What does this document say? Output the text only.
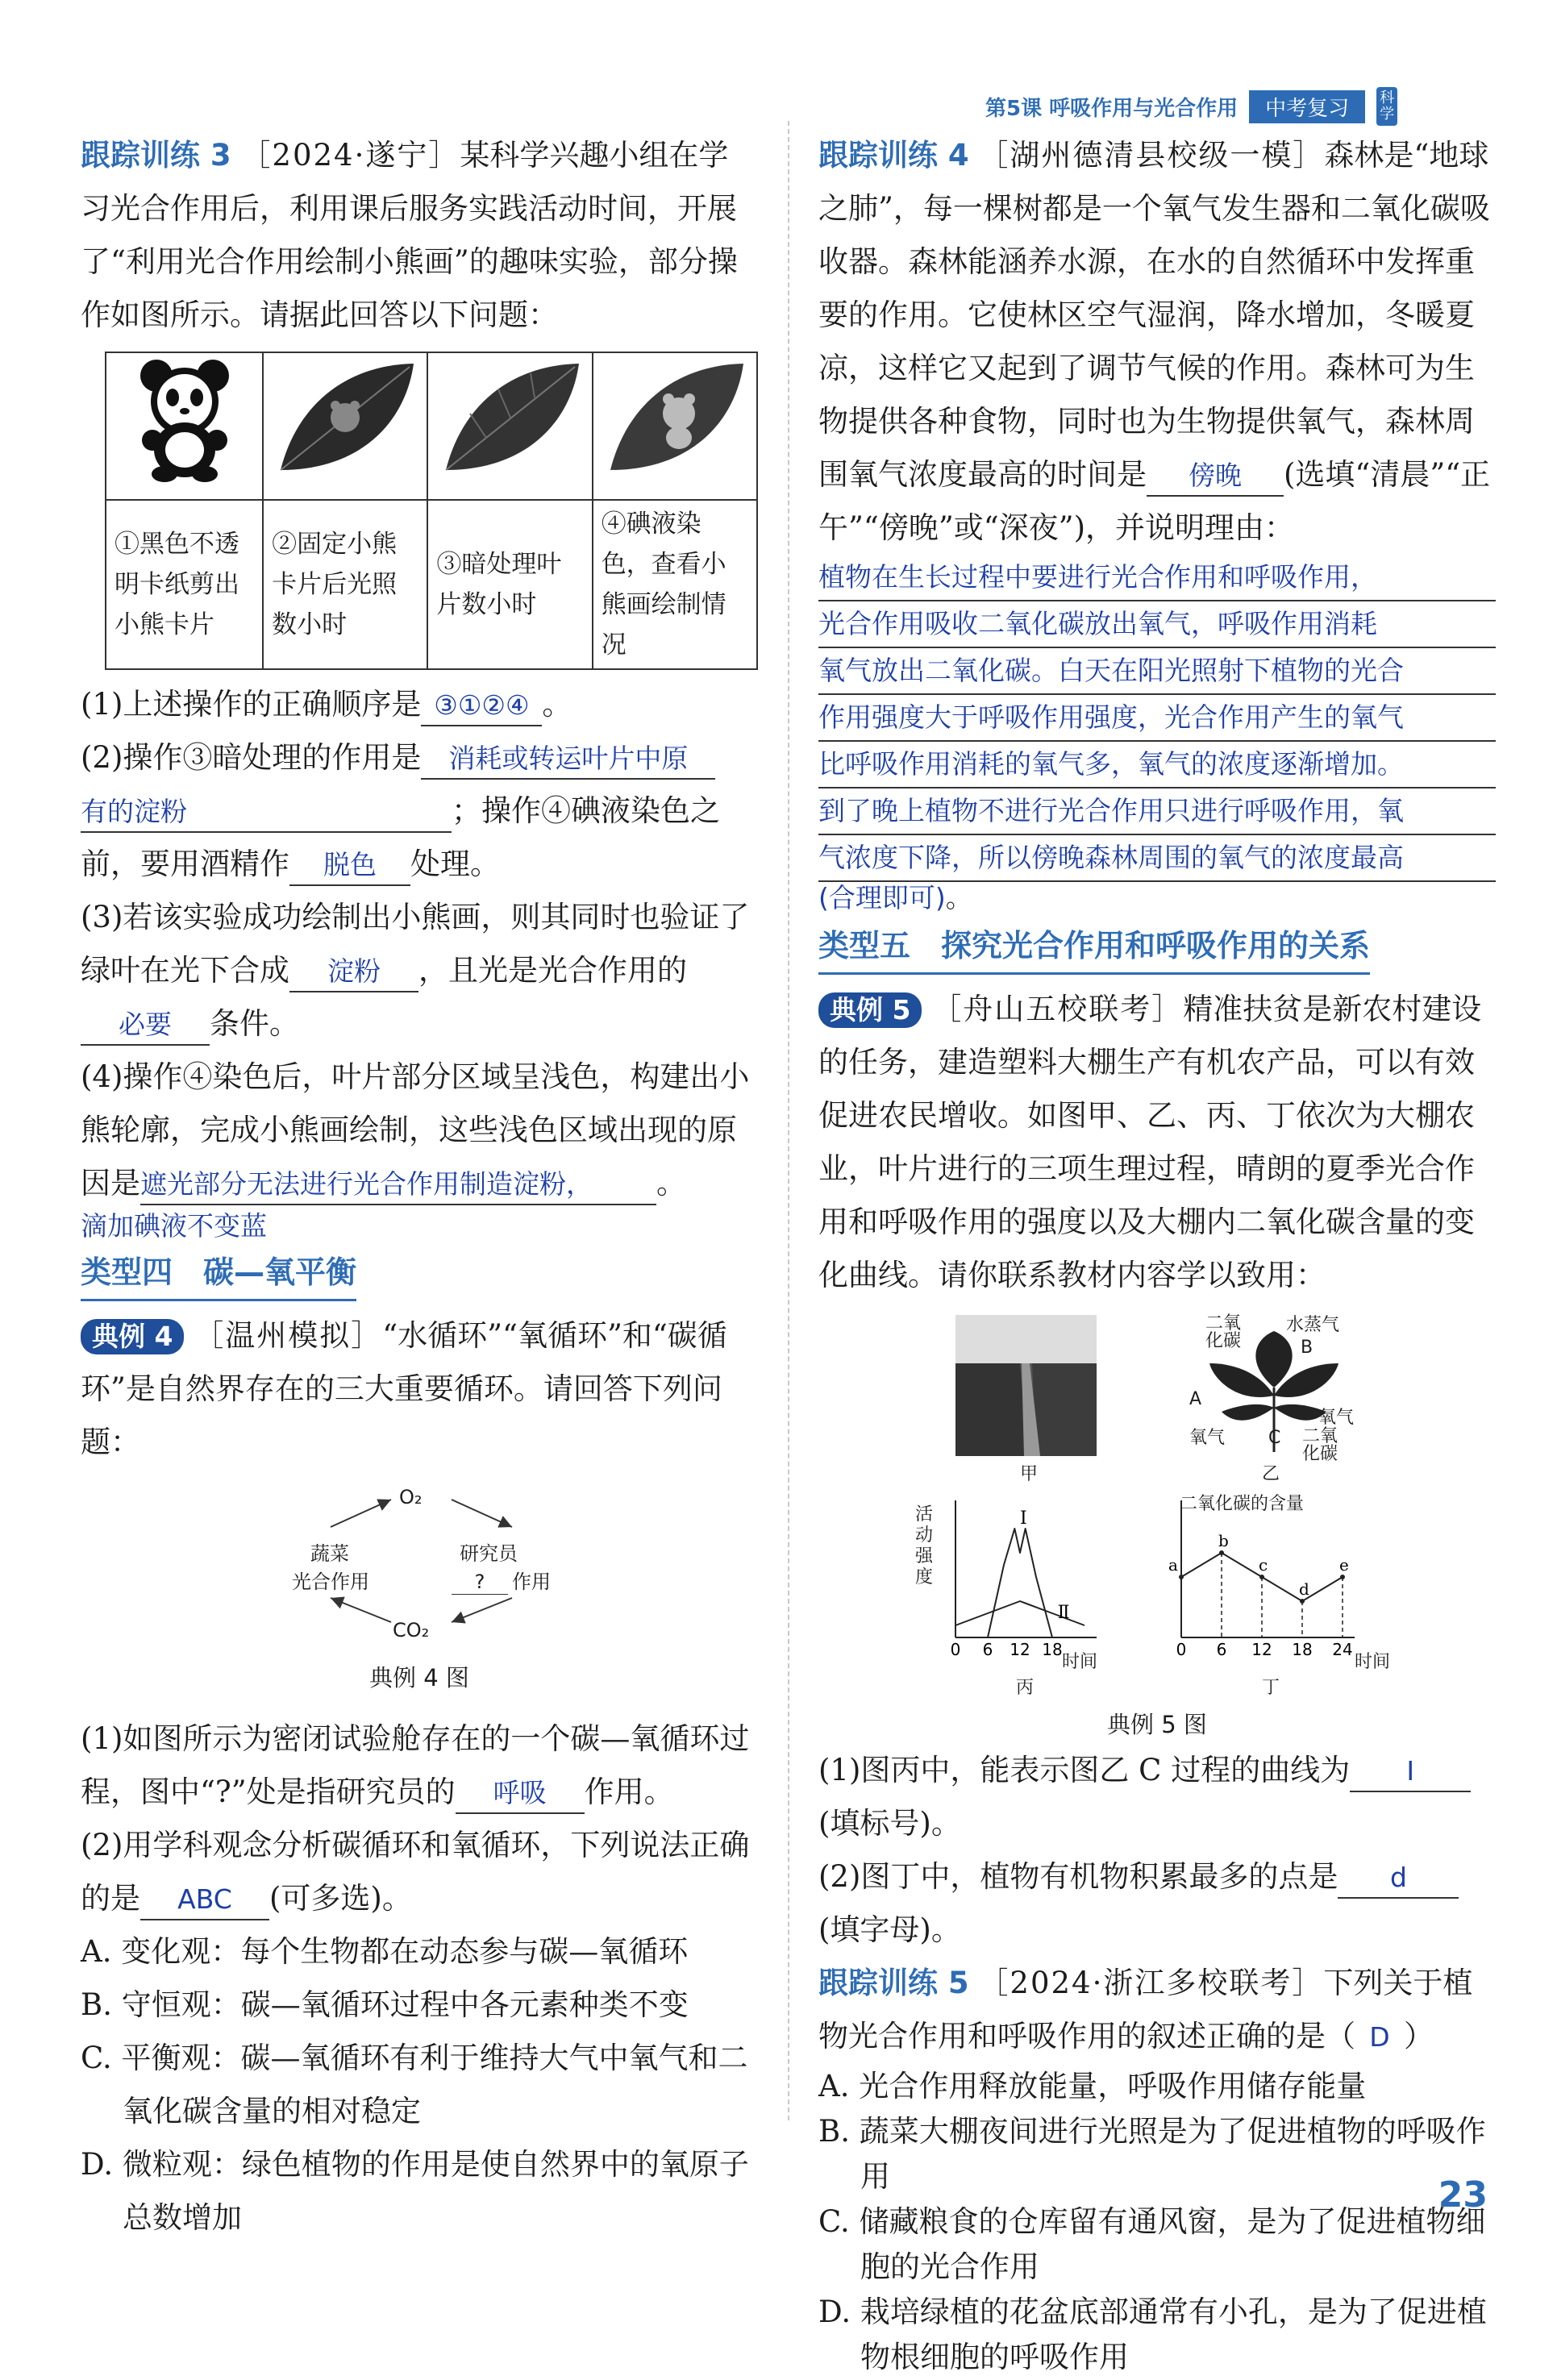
第5课 呼吸作用与光合作用	中考复习	科学

跟踪训练 3 ［2024·遂宁］某科学兴趣小组在学习光合作用后，利用课后服务实践活动时间，开展了“利用光合作用绘制小熊画”的趣味实验，部分操作如图所示。请据此回答以下问题：

①黑色不透明卡纸剪出小熊卡片	②固定小熊卡片后光照数小时	③暗处理叶片数小时	④碘液染色，查看小熊画绘制情况

(1)上述操作的正确顺序是 ③①②④ 。

(2)操作③暗处理的作用是 消耗或转运叶片中原
有的淀粉	；操作④碘液染色之前，要用酒精作 脱色 处理。

(3)若该实验成功绘制出小熊画，则其同时也验证了绿叶在光下合成 淀粉 ，且光是光合作用的必要 条件。

(4)操作④染色后，叶片部分区域呈浅色，构建出小熊轮廓，完成小熊画绘制，这些浅色区域出现的原因是遮光部分无法进行光合作用制造淀粉， 。

滴加碘液不变蓝

类型四　碳—氧平衡

典例 4 ［温州模拟］“水循环”“氧循环”和“碳循环”是自然界存在的三大重要循环。请回答下列问题：

O₂
CO₂
蔬菜
光合作用
研究员
?	作用
典例 4 图

(1)如图所示为密闭试验舱存在的一个碳—氧循环过程，图中“?”处是指研究员的 呼吸 作用。

(2)用学科观念分析碳循环和氧循环，下列说法正确的是 ABC (可多选)。

A. 变化观：每个生物都在动态参与碳—氧循环

B. 守恒观：碳—氧循环过程中各元素种类不变

C. 平衡观：碳—氧循环有利于维持大气中氧气和二氧化碳含量的相对稳定

D. 微粒观：绿色植物的作用是使自然界中的氧原子总数增加

跟踪训练 4 ［湖州德清县校级一模］森林是“地球之肺”，每一棵树都是一个氧气发生器和二氧化碳吸收器。森林能涵养水源，在水的自然循环中发挥重要的作用。它使林区空气湿润，降水增加，冬暖夏凉，这样它又起到了调节气候的作用。森林可为生物提供各种食物，同时也为生物提供氧气，森林周围氧气浓度最高的时间是 傍晚 (选填“清晨”“正午”“傍晚”或“深夜”)，并说明理由：

植物在生长过程中要进行光合作用和呼吸作用，
光合作用吸收二氧化碳放出氧气，呼吸作用消耗
氧气放出二氧化碳。白天在阳光照射下植物的光合
作用强度大于呼吸作用强度，光合作用产生的氧气
比呼吸作用消耗的氧气多，氧气的浓度逐渐增加。
到了晚上植物不进行光合作用只进行呼吸作用，氧
气浓度下降，所以傍晚森林周围的氧气的浓度最高
(合理即可)。
类型五　探究光合作用和呼吸作用的关系

典例 5 ［舟山五校联考］精准扶贫是新农村建设的任务，建造塑料大棚生产有机农产品，可以有效促进农民增收。如图甲、乙、丙、丁依次为大棚农业，叶片进行的三项生理过程，晴朗的夏季光合作用和呼吸作用的强度以及大棚内二氧化碳含量的变化曲线。请你联系教材内容学以致用：

甲
二氧化碳
水蒸气
B
A
氧气 C
氧气
二氧化碳
乙
活动强度
0 6 12 18
Ⅰ
Ⅱ
时间
丙
二氧化碳的含量
0 6 12 18 24
a
b
c
d
e
时间
丁
典例 5 图

(1)图丙中，能表示图乙 C 过程的曲线为 Ⅰ
(填标号)。

(2)图丁中，植物有机物积累最多的点是 d
(填字母)。

跟踪训练 5 ［2024·浙江多校联考］下列关于植物光合作用和呼吸作用的叙述正确的是（ D ）

A. 光合作用释放能量，呼吸作用储存能量

B. 蔬菜大棚夜间进行光照是为了促进植物的呼吸作用

C. 储藏粮食的仓库留有通风窗，是为了促进植物细胞的光合作用

D. 栽培绿植的花盆底部通常有小孔，是为了促进植物根细胞的呼吸作用

23
